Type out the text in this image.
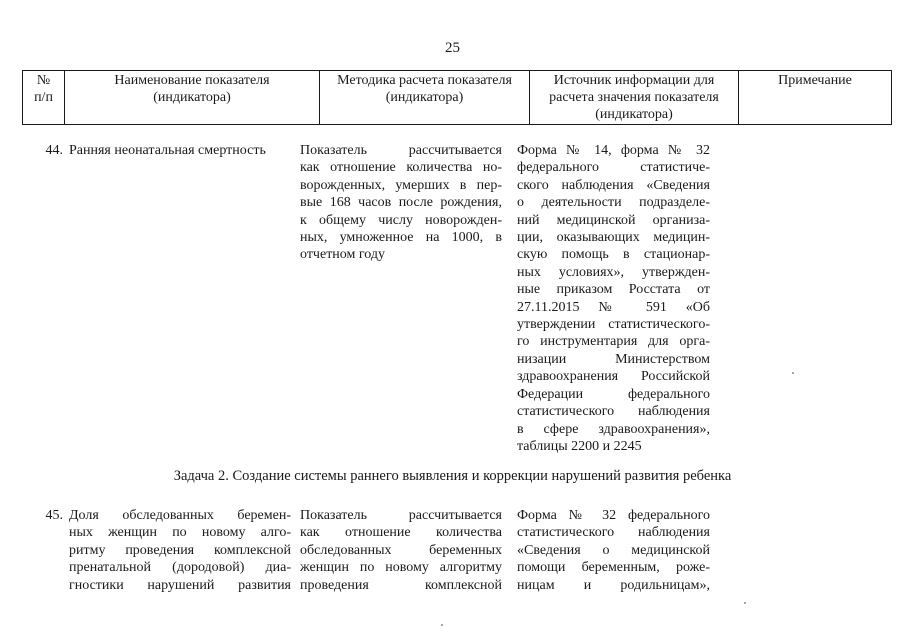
25
№
п/п
Наименование показателя
(индикатора)
Методика расчета показателя
(индикатора)
Источник информации для
расчета значения показателя
(индикатора)
Примечание
44. Ранняя неонатальная смертность	Показатель рассчитывается
как отношение количества но-
ворожденных, умерших в пер-
вые 168 часов после рождения,
к общему числу новорожден-
ных, умноженное на 1000, в
отчетном году
Форма № 14, форма № 32
федерального статистиче-
ского наблюдения «Сведения
о деятельности подразделе-
ний медицинской организа-
ции, оказывающих медицин-
скую помощь в стационар-
ных условиях», утвержден-
ные приказом Росстата от
27.11.2015 № 591 «Об
утверждении статистического-
го инструментария для орга-
низации Министерством
здравоохранения Российской
Федерации федерального
статистического наблюдения
в сфере здравоохранения»,
таблицы 2200 и 2245
Задача 2. Создание системы раннего выявления и коррекции нарушений развития ребенка
45. Доля обследованных беремен-
ных женщин по новому алго-
ритму проведения комплексной
пренатальной (дородовой) диа-
гностики нарушений развития
Показатель рассчитывается
как отношение количества
обследованных беременных
женщин по новому алгоритму
проведения комплексной
Форма № 32 федерального
статистического наблюдения
«Сведения о медицинской
помощи беременным, роже-
ницам и родильницам»,
